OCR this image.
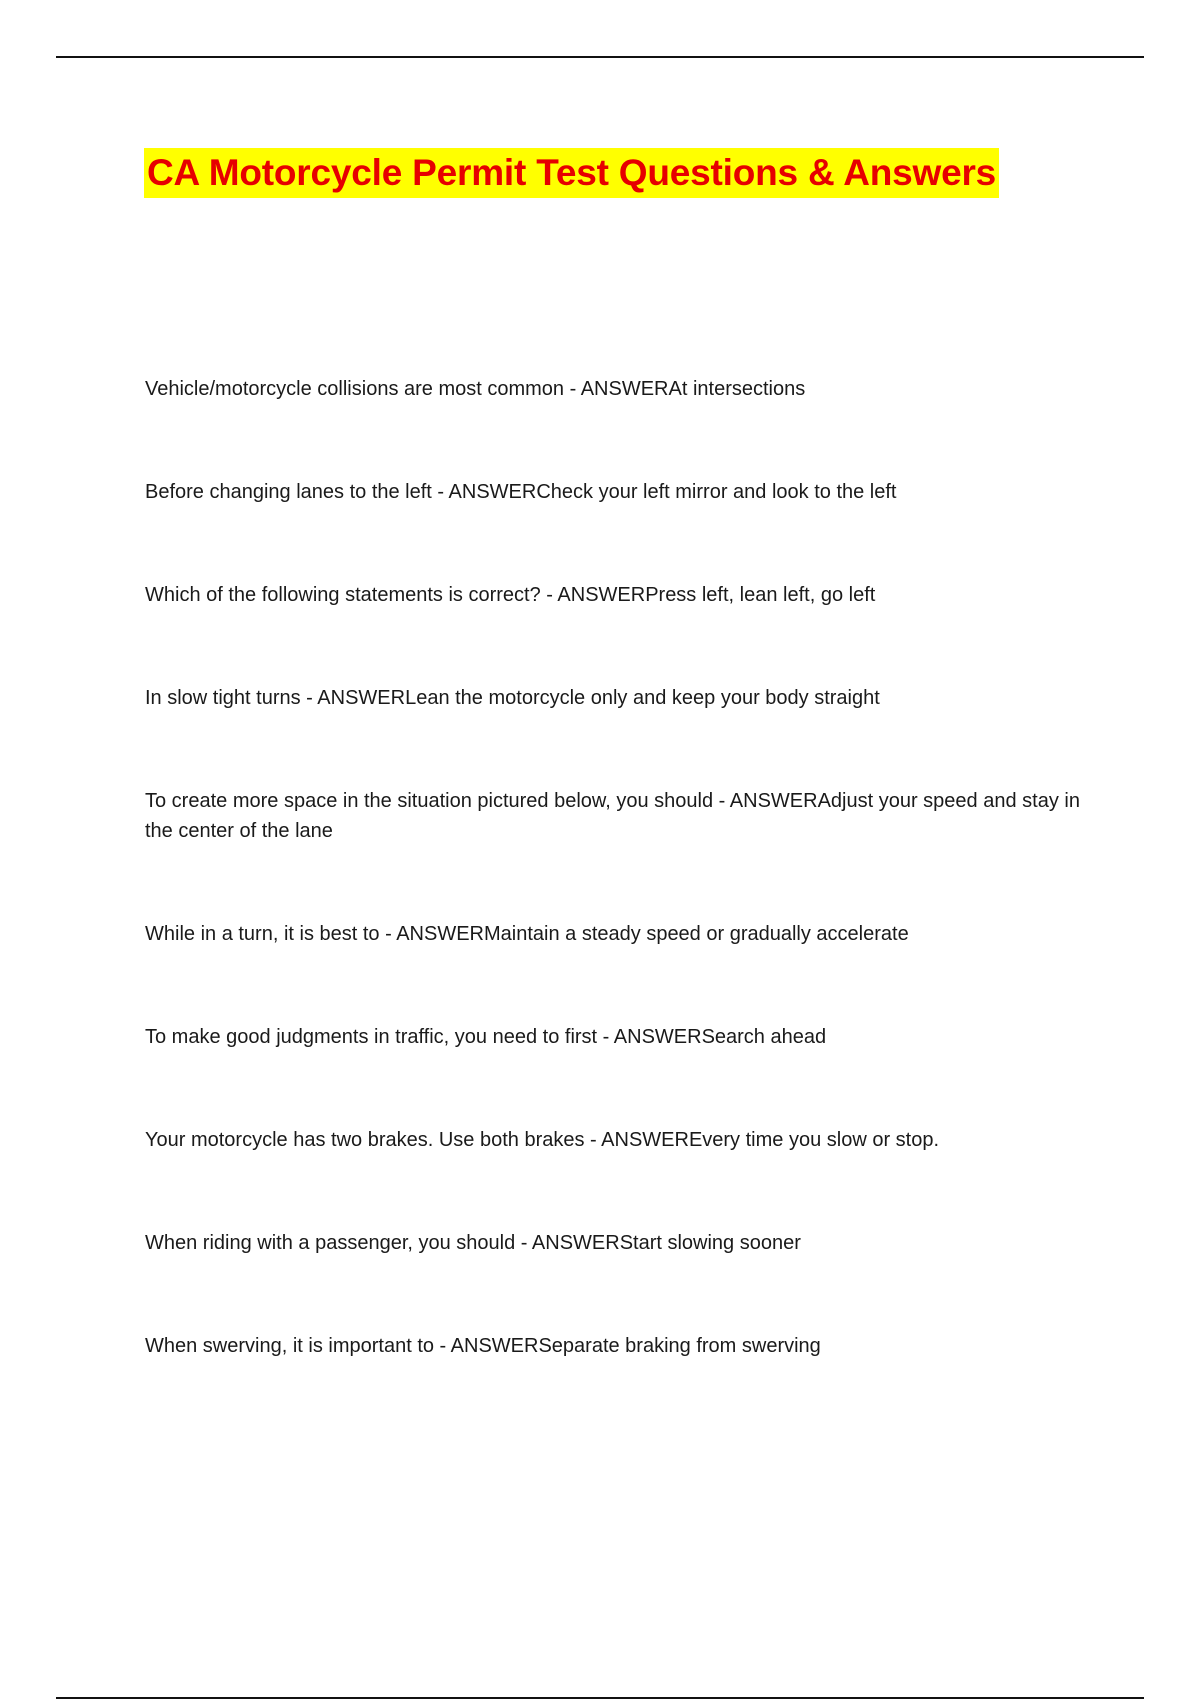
CA Motorcycle Permit Test Questions & Answers

Vehicle/motorcycle collisions are most common - ANSWERAt intersections

Before changing lanes to the left - ANSWERCheck your left mirror and look to the left

Which of the following statements is correct? - ANSWERPress left, lean left, go left

In slow tight turns - ANSWERLean the motorcycle only and keep your body straight

To create more space in the situation pictured below, you should - ANSWERAdjust your speed and stay in the center of the lane

While in a turn, it is best to - ANSWERMaintain a steady speed or gradually accelerate

To make good judgments in traffic, you need to first - ANSWERSearch ahead

Your motorcycle has two brakes. Use both brakes - ANSWEREvery time you slow or stop.

When riding with a passenger, you should - ANSWERStart slowing sooner

When swerving, it is important to - ANSWERSeparate braking from swerving
